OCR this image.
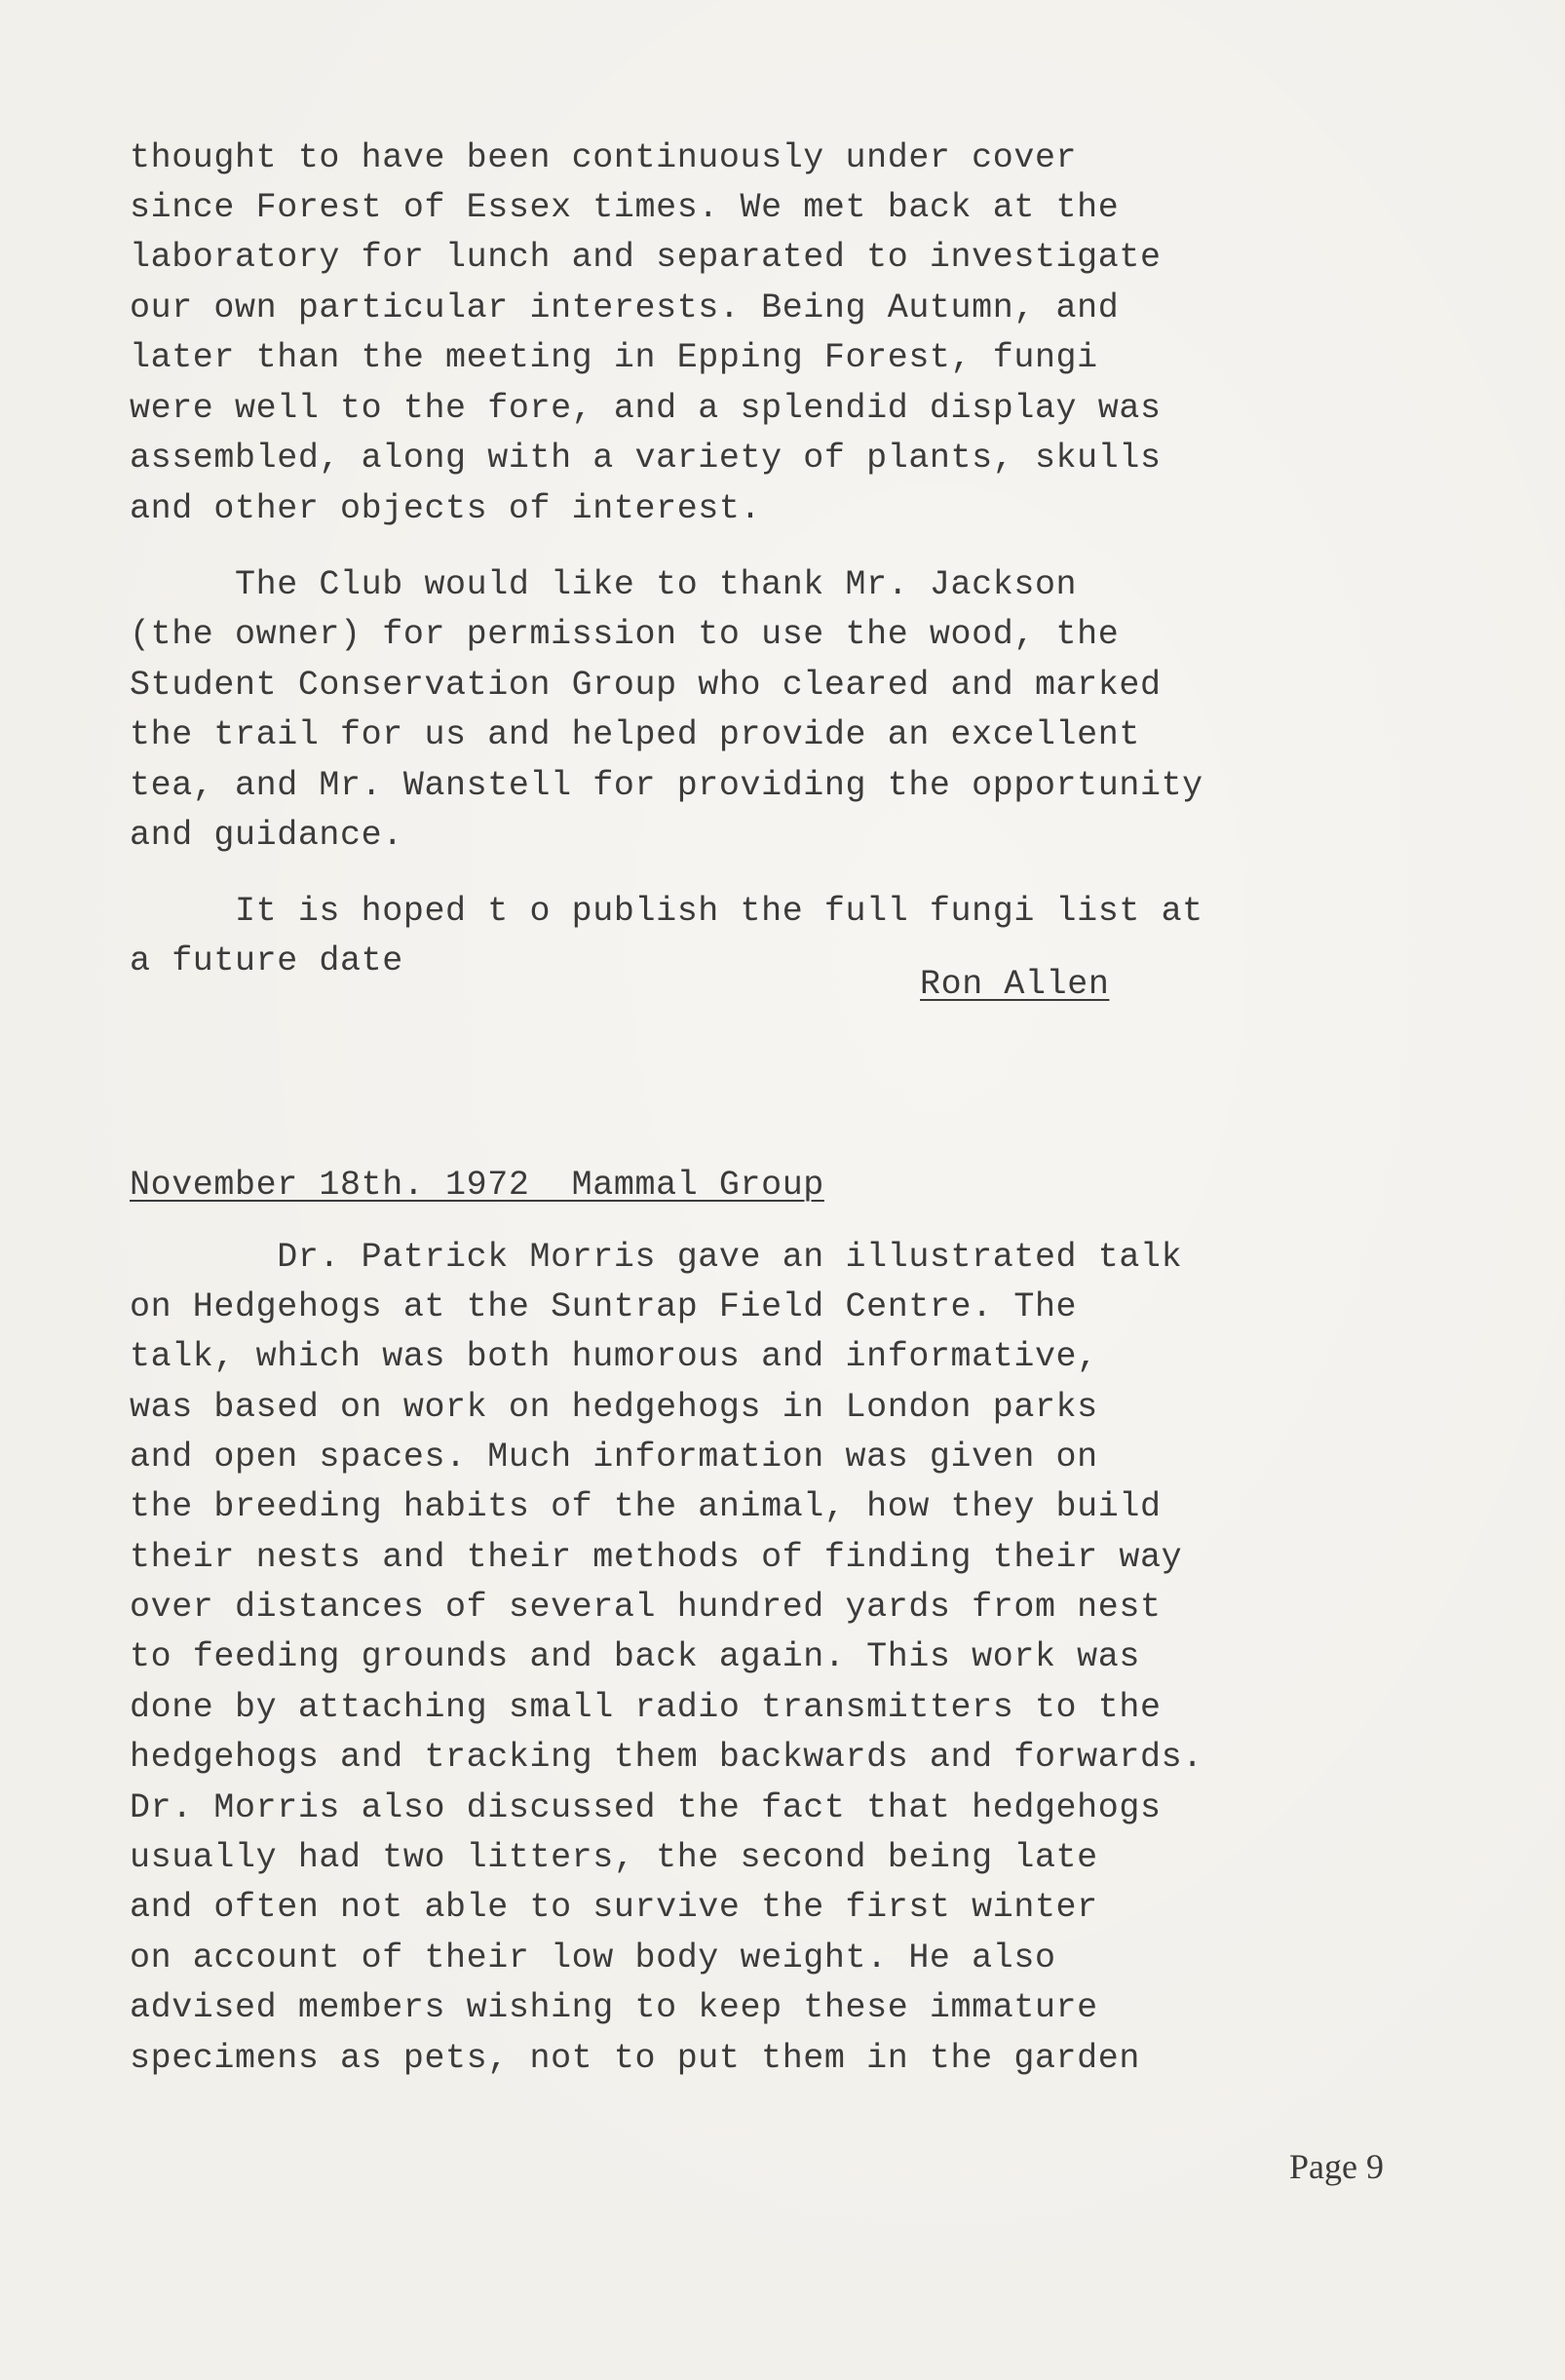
thought to have been continuously under cover
since Forest of Essex times. We met back at the
laboratory for lunch and separated to investigate
our own particular interests. Being Autumn, and
later than the meeting in Epping Forest, fungi
were well to the fore, and a splendid display was
assembled, along with a variety of plants, skulls
and other objects of interest.
The Club would like to thank Mr. Jackson
(the owner) for permission to use the wood, the
Student Conservation Group who cleared and marked
the trail for us and helped provide an excellent
tea, and Mr. Wanstell for providing the opportunity
and guidance.
It is hoped t o publish the full fungi list at
a future date
Ron Allen
November 18th. 1972  Mammal Group
Dr. Patrick Morris gave an illustrated talk
on Hedgehogs at the Suntrap Field Centre. The
talk, which was both humorous and informative,
was based on work on hedgehogs in London parks
and open spaces. Much information was given on
the breeding habits of the animal, how they build
their nests and their methods of finding their way
over distances of several hundred yards from nest
to feeding grounds and back again. This work was
done by attaching small radio transmitters to the
hedgehogs and tracking them backwards and forwards.
Dr. Morris also discussed the fact that hedgehogs
usually had two litters, the second being late
and often not able to survive the first winter
on account of their low body weight. He also
advised members wishing to keep these immature
specimens as pets, not to put them in the garden
Page 9
